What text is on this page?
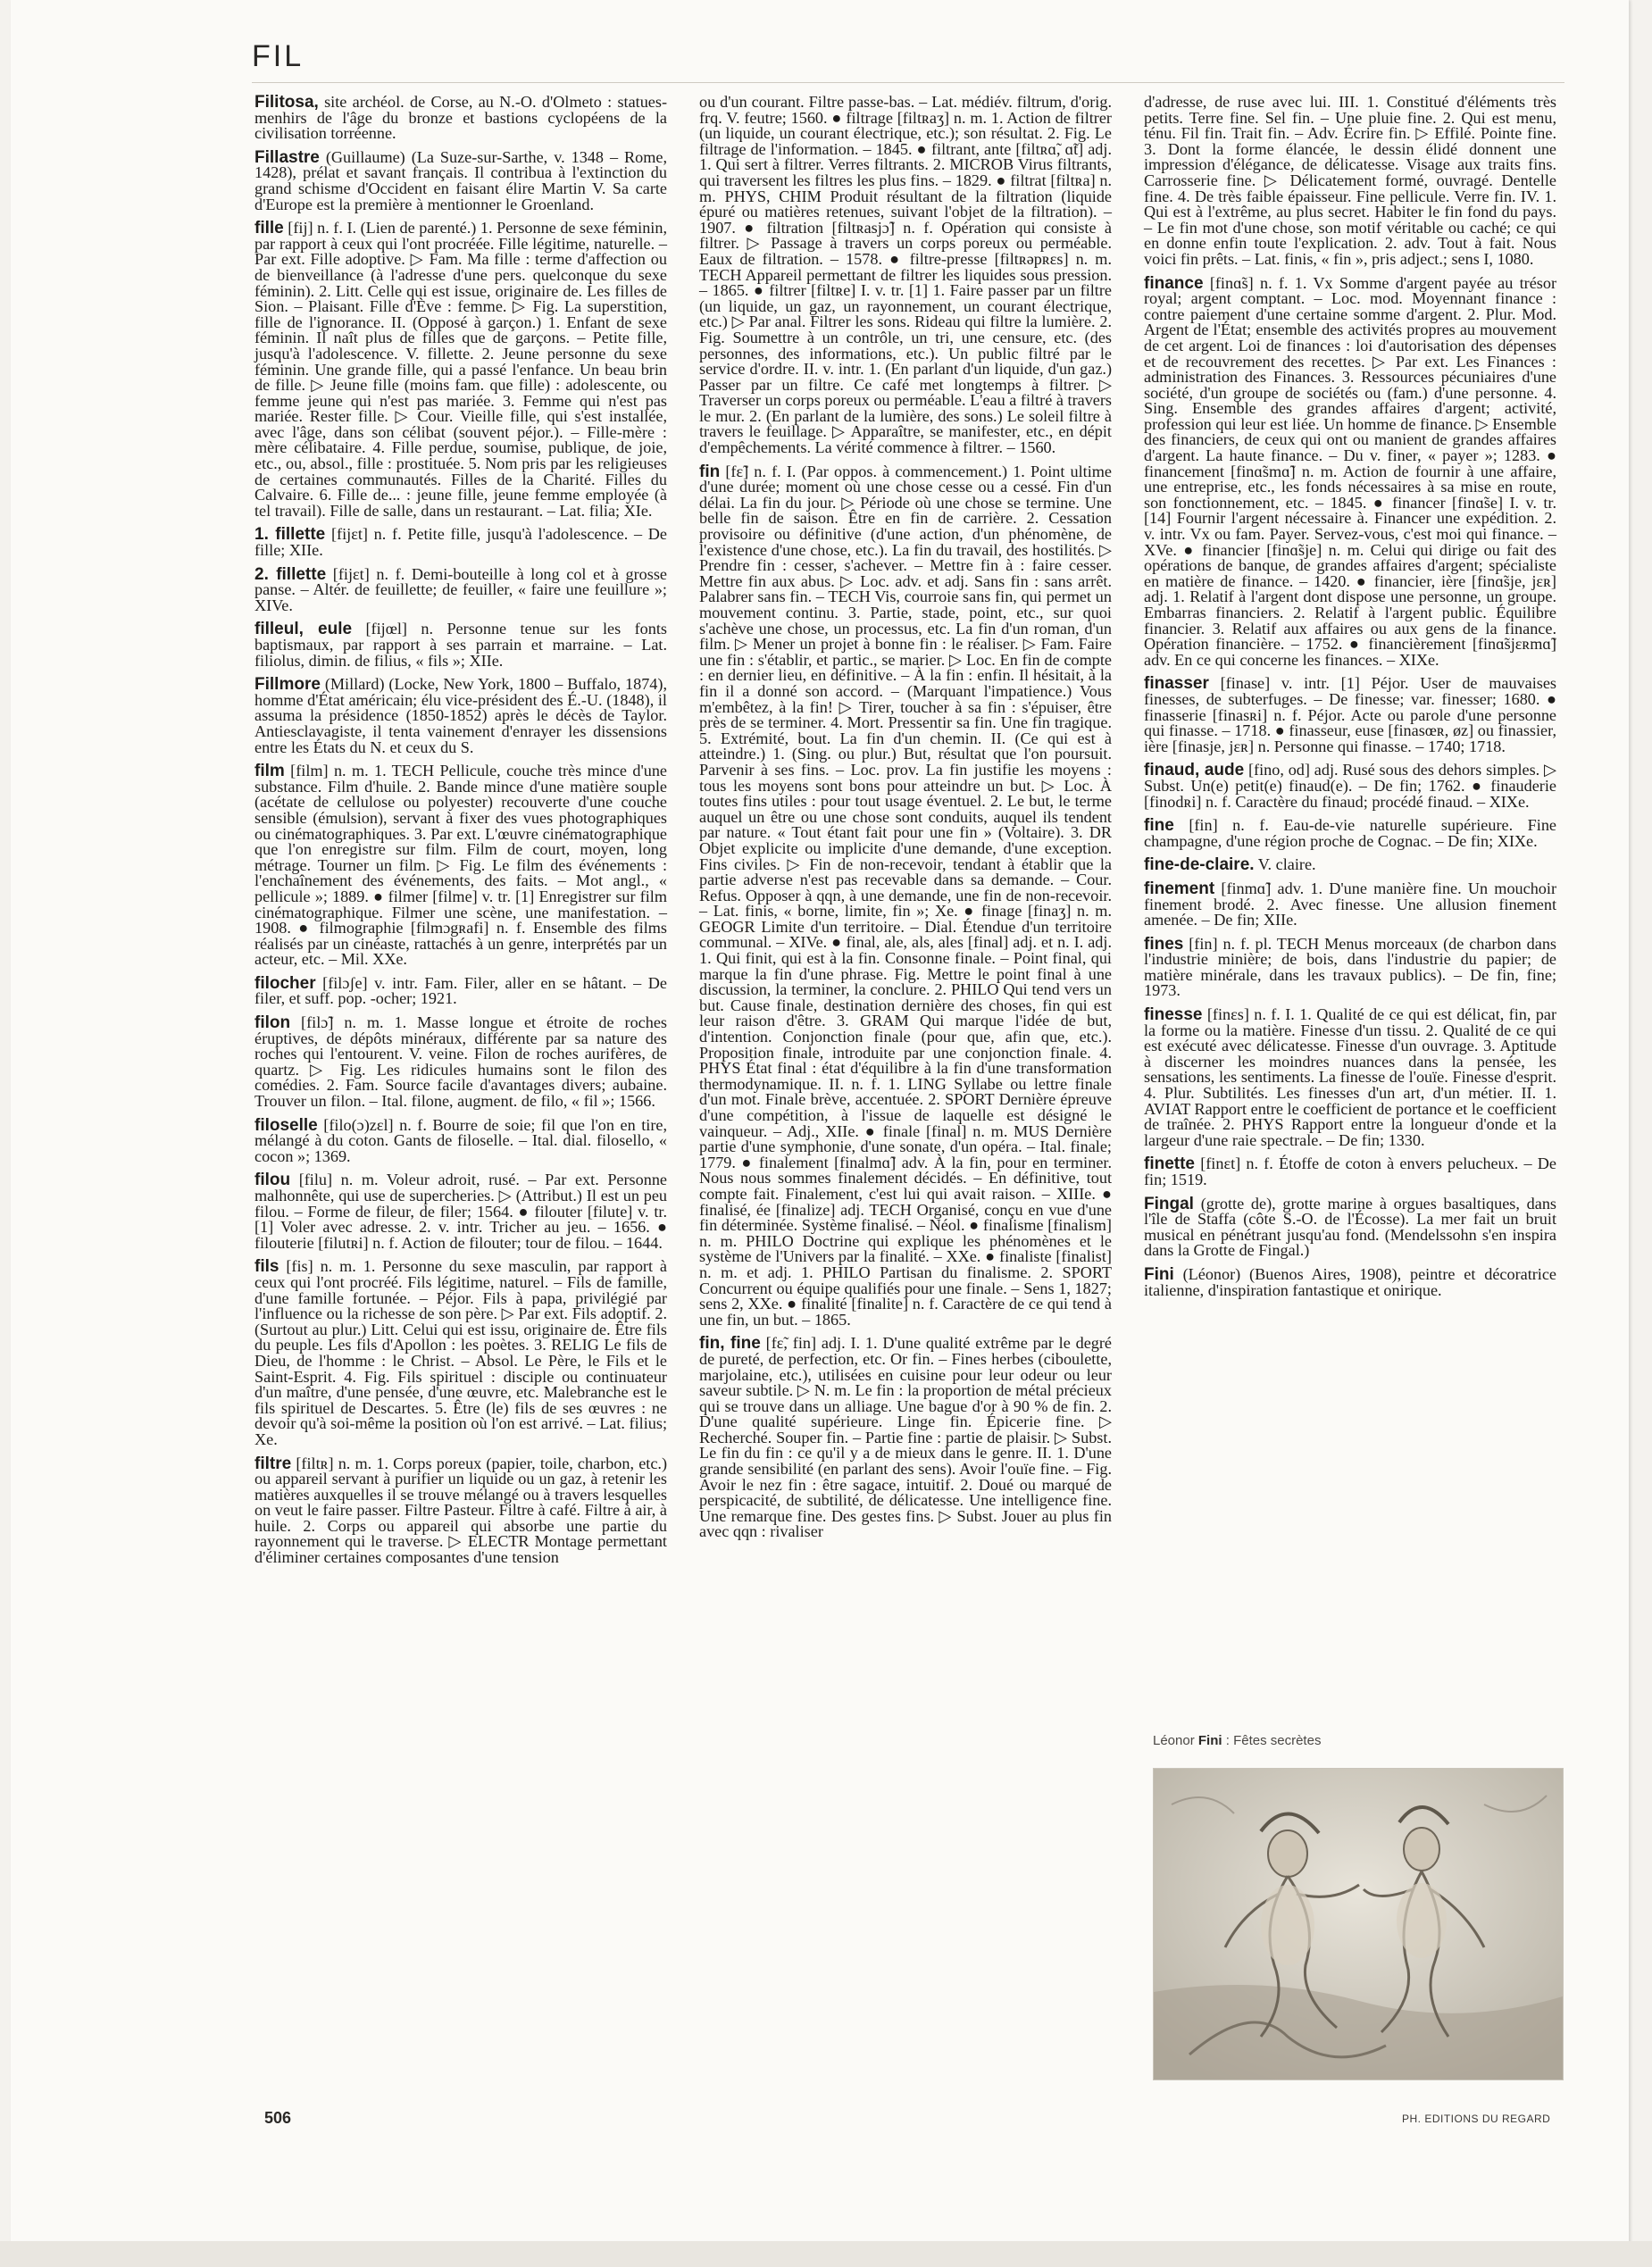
FIL

Filitosa, site archéol. de Corse, au N.-O. d'Olmeto : statues-menhirs de l'âge du bronze et bastions cyclopéens de la civilisation torréenne.

Fillastre (Guillaume) (La Suze-sur-Sarthe, v. 1348 – Rome, 1428), prélat et savant français. Il contribua à l'extinction du grand schisme d'Occident en faisant élire Martin V. Sa carte d'Europe est la première à mentionner le Groenland.

fille [fij] n. f. I. (Lien de parenté.) 1. Personne de sexe féminin, par rapport à ceux qui l'ont procréée. Fille légitime, naturelle. – Par ext. Fille adoptive. ▷ Fam. Ma fille : terme d'affection ou de bienveillance (à l'adresse d'une pers. quelconque du sexe féminin). 2. Litt. Celle qui est issue, originaire de. Les filles de Sion. – Plaisant. Fille d'Ève : femme. ▷ Fig. La superstition, fille de l'ignorance. II. (Opposé à garçon.) 1. Enfant de sexe féminin. Il naît plus de filles que de garçons. – Petite fille, jusqu'à l'adolescence. V. fillette. 2. Jeune personne du sexe féminin. Une grande fille, qui a passé l'enfance. Un beau brin de fille. ▷ Jeune fille (moins fam. que fille) : adolescente, ou femme jeune qui n'est pas mariée. 3. Femme qui n'est pas mariée. Rester fille. ▷ Cour. Vieille fille, qui s'est installée, avec l'âge, dans son célibat (souvent péjor.). – Fille-mère : mère célibataire. 4. Fille perdue, soumise, publique, de joie, etc., ou, absol., fille : prostituée. 5. Nom pris par les religieuses de certaines communautés. Filles de la Charité. Filles du Calvaire. 6. Fille de... : jeune fille, jeune femme employée (à tel travail). Fille de salle, dans un restaurant. – Lat. filia; XIe.

1. fillette [fijɛt] n. f. Petite fille, jusqu'à l'adolescence. – De fille; XIIe.

2. fillette [fijɛt] n. f. Demi-bouteille à long col et à grosse panse. – Altér. de feuillette; de feuiller, « faire une feuillure »; XIVe.

filleul, eule [fijœl] n. Personne tenue sur les fonts baptismaux, par rapport à ses parrain et marraine. – Lat. filiolus, dimin. de filius, « fils »; XIIe.

Fillmore (Millard) (Locke, New York, 1800 – Buffalo, 1874), homme d'État américain; élu vice-président des É.-U. (1848), il assuma la présidence (1850-1852) après le décès de Taylor. Antiesclavagiste, il tenta vainement d'enrayer les dissensions entre les États du N. et ceux du S.

film [film] n. m. 1. TECH Pellicule, couche très mince d'une substance. Film d'huile. 2. Bande mince d'une matière souple (acétate de cellulose ou polyester) recouverte d'une couche sensible (émulsion), servant à fixer des vues photographiques ou cinématographiques. 3. Par ext. L'œuvre cinématographique que l'on enregistre sur film. Film de court, moyen, long métrage. Tourner un film. ▷ Fig. Le film des événements : l'enchaînement des événements, des faits. – Mot angl., « pellicule »; 1889. ● filmer [filme] v. tr. [1] Enregistrer sur film cinématographique. Filmer une scène, une manifestation. – 1908. ● filmographie [filmɔgʀafi] n. f. Ensemble des films réalisés par un cinéaste, rattachés à un genre, interprétés par un acteur, etc. – Mil. XXe.

filocher [filɔʃe] v. intr. Fam. Filer, aller en se hâtant. – De filer, et suff. pop. -ocher; 1921.

filon [filɔ̃] n. m. 1. Masse longue et étroite de roches éruptives, de dépôts minéraux, différente par sa nature des roches qui l'entourent. V. veine. Filon de roches aurifères, de quartz. ▷ Fig. Les ridicules humains sont le filon des comédies. 2. Fam. Source facile d'avantages divers; aubaine. Trouver un filon. – Ital. filone, augment. de filo, « fil »; 1566.

filoselle [filo(ɔ)zɛl] n. f. Bourre de soie; fil que l'on en tire, mélangé à du coton. Gants de filoselle. – Ital. dial. filosello, « cocon »; 1369.

filou [filu] n. m. Voleur adroit, rusé. – Par ext. Personne malhonnête, qui use de supercheries. ▷ (Attribut.) Il est un peu filou. – Forme de fileur, de filer; 1564. ● filouter [filute] v. tr. [1] Voler avec adresse. 2. v. intr. Tricher au jeu. – 1656. ● filouterie [filutʀi] n. f. Action de filouter; tour de filou. – 1644.

fils [fis] n. m. 1. Personne du sexe masculin, par rapport à ceux qui l'ont procréé. Fils légitime, naturel. – Fils de famille, d'une famille fortunée. – Péjor. Fils à papa, privilégié par l'influence ou la richesse de son père. ▷ Par ext. Fils adoptif. 2. (Surtout au plur.) Litt. Celui qui est issu, originaire de. Être fils du peuple. Les fils d'Apollon : les poètes. 3. RELIG Le fils de Dieu, de l'homme : le Christ. – Absol. Le Père, le Fils et le Saint-Esprit. 4. Fig. Fils spirituel : disciple ou continuateur d'un maître, d'une pensée, d'une œuvre, etc. Malebranche est le fils spirituel de Descartes. 5. Être (le) fils de ses œuvres : ne devoir qu'à soi-même la position où l'on est arrivé. – Lat. filius; Xe.

filtre [filtʀ] n. m. 1. Corps poreux (papier, toile, charbon, etc.) ou appareil servant à purifier un liquide ou un gaz, à retenir les matières auxquelles il se trouve mélangé ou à travers lesquelles on veut le faire passer. Filtre Pasteur. Filtre à café. Filtre à air, à huile. 2. Corps ou appareil qui absorbe une partie du rayonnement qui le traverse. ▷ ELECTR Montage permettant d'éliminer certaines composantes d'une tension

ou d'un courant. Filtre passe-bas. – Lat. médiév. filtrum, d'orig. frq. V. feutre; 1560. ● filtrage [filtʀaʒ] n. m. 1. Action de filtrer (un liquide, un courant électrique, etc.); son résultat. 2. Fig. Le filtrage de l'information. – 1845. ● filtrant, ante [filtʀɑ̃, ɑ̃t] adj. 1. Qui sert à filtrer. Verres filtrants. 2. MICROB Virus filtrants, qui traversent les filtres les plus fins. – 1829. ● filtrat [filtʀa] n. m. PHYS, CHIM Produit résultant de la filtration (liquide épuré ou matières retenues, suivant l'objet de la filtration). – 1907. ● filtration [filtʀasjɔ̃] n. f. Opération qui consiste à filtrer. ▷ Passage à travers un corps poreux ou perméable. Eaux de filtration. – 1578. ● filtre-presse [filtʀəpʀɛs] n. m. TECH Appareil permettant de filtrer les liquides sous pression. – 1865. ● filtrer [filtʀe] I. v. tr. [1] 1. Faire passer par un filtre (un liquide, un gaz, un rayonnement, un courant électrique, etc.) ▷ Par anal. Filtrer les sons. Rideau qui filtre la lumière. 2. Fig. Soumettre à un contrôle, un tri, une censure, etc. (des personnes, des informations, etc.). Un public filtré par le service d'ordre. II. v. intr. 1. (En parlant d'un liquide, d'un gaz.) Passer par un filtre. Ce café met longtemps à filtrer. ▷ Traverser un corps poreux ou perméable. L'eau a filtré à travers le mur. 2. (En parlant de la lumière, des sons.) Le soleil filtre à travers le feuillage. ▷ Apparaître, se manifester, etc., en dépit d'empêchements. La vérité commence à filtrer. – 1560.

fin [fɛ̃] n. f. I. (Par oppos. à commencement.) 1. Point ultime d'une durée; moment où une chose cesse ou a cessé. Fin d'un délai. La fin du jour. ▷ Période où une chose se termine. Une belle fin de saison. Être en fin de carrière. 2. Cessation provisoire ou définitive (d'une action, d'un phénomène, de l'existence d'une chose, etc.). La fin du travail, des hostilités. ▷ Prendre fin : cesser, s'achever. – Mettre fin à : faire cesser. Mettre fin aux abus. ▷ Loc. adv. et adj. Sans fin : sans arrêt. Palabrer sans fin. – TECH Vis, courroie sans fin, qui permet un mouvement continu. 3. Partie, stade, point, etc., sur quoi s'achève une chose, un processus, etc. La fin d'un roman, d'un film. ▷ Mener un projet à bonne fin : le réaliser. ▷ Fam. Faire une fin : s'établir, et partic., se marier. ▷ Loc. En fin de compte : en dernier lieu, en définitive. – À la fin : enfin. Il hésitait, à la fin il a donné son accord. – (Marquant l'impatience.) Vous m'embêtez, à la fin! ▷ Tirer, toucher à sa fin : s'épuiser, être près de se terminer. 4. Mort. Pressentir sa fin. Une fin tragique. 5. Extrémité, bout. La fin d'un chemin. II. (Ce qui est à atteindre.) 1. (Sing. ou plur.) But, résultat que l'on poursuit. Parvenir à ses fins. – Loc. prov. La fin justifie les moyens : tous les moyens sont bons pour atteindre un but. ▷ Loc. À toutes fins utiles : pour tout usage éventuel. 2. Le but, le terme auquel un être ou une chose sont conduits, auquel ils tendent par nature. « Tout étant fait pour une fin » (Voltaire). 3. DR Objet explicite ou implicite d'une demande, d'une exception. Fins civiles. ▷ Fin de non-recevoir, tendant à établir que la partie adverse n'est pas recevable dans sa demande. – Cour. Refus. Opposer à qqn, à une demande, une fin de non-recevoir. – Lat. finis, « borne, limite, fin »; Xe. ● finage [finaʒ] n. m. GEOGR Limite d'un territoire. – Dial. Étendue d'un territoire communal. – XIVe. ● final, ale, als, ales [final] adj. et n. I. adj. 1. Qui finit, qui est à la fin. Consonne finale. – Point final, qui marque la fin d'une phrase. Fig. Mettre le point final à une discussion, la terminer, la conclure. 2. PHILO Qui tend vers un but. Cause finale, destination dernière des choses, fin qui est leur raison d'être. 3. GRAM Qui marque l'idée de but, d'intention. Conjonction finale (pour que, afin que, etc.). Proposition finale, introduite par une conjonction finale. 4. PHYS État final : état d'équilibre à la fin d'une transformation thermodynamique. II. n. f. 1. LING Syllabe ou lettre finale d'un mot. Finale brève, accentuée. 2. SPORT Dernière épreuve d'une compétition, à l'issue de laquelle est désigné le vainqueur. – Adj., XIIe. ● finale [final] n. m. MUS Dernière partie d'une symphonie, d'une sonate, d'un opéra. – Ital. finale; 1779. ● finalement [finalmɑ̃] adv. À la fin, pour en terminer. Nous nous sommes finalement décidés. – En définitive, tout compte fait. Finalement, c'est lui qui avait raison. – XIIIe. ● finalisé, ée [finalize] adj. TECH Organisé, conçu en vue d'une fin déterminée. Système finalisé. – Néol. ● finalisme [finalism] n. m. PHILO Doctrine qui explique les phénomènes et le système de l'Univers par la finalité. – XXe. ● finaliste [finalist] n. m. et adj. 1. PHILO Partisan du finalisme. 2. SPORT Concurrent ou équipe qualifiés pour une finale. – Sens 1, 1827; sens 2, XXe. ● finalité [finalite] n. f. Caractère de ce qui tend à une fin, un but. – 1865.

fin, fine [fɛ̃, fin] adj. I. 1. D'une qualité extrême par le degré de pureté, de perfection, etc. Or fin. – Fines herbes (ciboulette, marjolaine, etc.), utilisées en cuisine pour leur odeur ou leur saveur subtile. ▷ N. m. Le fin : la proportion de métal précieux qui se trouve dans un alliage. Une bague d'or à 90 % de fin. 2. D'une qualité supérieure. Linge fin. Épicerie fine. ▷ Recherché. Souper fin. – Partie fine : partie de plaisir. ▷ Subst. Le fin du fin : ce qu'il y a de mieux dans le genre. II. 1. D'une grande sensibilité (en parlant des sens). Avoir l'ouïe fine. – Fig. Avoir le nez fin : être sagace, intuitif. 2. Doué ou marqué de perspicacité, de subtilité, de délicatesse. Une intelligence fine. Une remarque fine. Des gestes fins. ▷ Subst. Jouer au plus fin avec qqn : rivaliser

d'adresse, de ruse avec lui. III. 1. Constitué d'éléments très petits. Terre fine. Sel fin. – Une pluie fine. 2. Qui est menu, ténu. Fil fin. Trait fin. – Adv. Écrire fin. ▷ Effilé. Pointe fine. 3. Dont la forme élancée, le dessin élidé donnent une impression d'élégance, de délicatesse. Visage aux traits fins. Carrosserie fine. ▷ Délicatement formé, ouvragé. Dentelle fine. 4. De très faible épaisseur. Fine pellicule. Verre fin. IV. 1. Qui est à l'extrême, au plus secret. Habiter le fin fond du pays. – Le fin mot d'une chose, son motif véritable ou caché; ce qui en donne enfin toute l'explication. 2. adv. Tout à fait. Nous voici fin prêts. – Lat. finis, « fin », pris adject.; sens I, 1080.

finance [finɑ̃s] n. f. 1. Vx Somme d'argent payée au trésor royal; argent comptant. – Loc. mod. Moyennant finance : contre paiement d'une certaine somme d'argent. 2. Plur. Mod. Argent de l'État; ensemble des activités propres au mouvement de cet argent. Loi de finances : loi d'autorisation des dépenses et de recouvrement des recettes. ▷ Par ext. Les Finances : administration des Finances. 3. Ressources pécuniaires d'une société, d'un groupe de sociétés ou (fam.) d'une personne. 4. Sing. Ensemble des grandes affaires d'argent; activité, profession qui leur est liée. Un homme de finance. ▷ Ensemble des financiers, de ceux qui ont ou manient de grandes affaires d'argent. La haute finance. – Du v. finer, « payer »; 1283. ● financement [finɑ̃smɑ̃] n. m. Action de fournir à une affaire, une entreprise, etc., les fonds nécessaires à sa mise en route, son fonctionnement, etc. – 1845. ● financer [finɑ̃se] I. v. tr. [14] Fournir l'argent nécessaire à. Financer une expédition. 2. v. intr. Vx ou fam. Payer. Servez-vous, c'est moi qui finance. – XVe. ● financier [finɑ̃sje] n. m. Celui qui dirige ou fait des opérations de banque, de grandes affaires d'argent; spécialiste en matière de finance. – 1420. ● financier, ière [finɑ̃sje, jɛʀ] adj. 1. Relatif à l'argent dont dispose une personne, un groupe. Embarras financiers. 2. Relatif à l'argent public. Équilibre financier. 3. Relatif aux affaires ou aux gens de la finance. Opération financière. – 1752. ● financièrement [finɑ̃sjɛʀmɑ̃] adv. En ce qui concerne les finances. – XIXe.

finasser [finase] v. intr. [1] Péjor. User de mauvaises finesses, de subterfuges. – De finesse; var. finesser; 1680. ● finasserie [finasʀi] n. f. Péjor. Acte ou parole d'une personne qui finasse. – 1718. ● finasseur, euse [finasœʀ, øz] ou finassier, ière [finasje, jɛʀ] n. Personne qui finasse. – 1740; 1718.

finaud, aude [fino, od] adj. Rusé sous des dehors simples. ▷ Subst. Un(e) petit(e) finaud(e). – De fin; 1762. ● finauderie [finodʀi] n. f. Caractère du finaud; procédé finaud. – XIXe.

fine [fin] n. f. Eau-de-vie naturelle supérieure. Fine champagne, d'une région proche de Cognac. – De fin; XIXe.

fine-de-claire. V. claire.

finement [finmɑ̃] adv. 1. D'une manière fine. Un mouchoir finement brodé. 2. Avec finesse. Une allusion finement amenée. – De fin; XIIe.

fines [fin] n. f. pl. TECH Menus morceaux (de charbon dans l'industrie minière; de bois, dans l'industrie du papier; de matière minérale, dans les travaux publics). – De fin, fine; 1973.

finesse [finɛs] n. f. I. 1. Qualité de ce qui est délicat, fin, par la forme ou la matière. Finesse d'un tissu. 2. Qualité de ce qui est exécuté avec délicatesse. Finesse d'un ouvrage. 3. Aptitude à discerner les moindres nuances dans la pensée, les sensations, les sentiments. La finesse de l'ouïe. Finesse d'esprit. 4. Plur. Subtilités. Les finesses d'un art, d'un métier. II. 1. AVIAT Rapport entre le coefficient de portance et le coefficient de traînée. 2. PHYS Rapport entre la longueur d'onde et la largeur d'une raie spectrale. – De fin; 1330.

finette [finɛt] n. f. Étoffe de coton à envers pelucheux. – De fin; 1519.

Fingal (grotte de), grotte marine à orgues basaltiques, dans l'île de Staffa (côte S.-O. de l'Écosse). La mer fait un bruit musical en pénétrant jusqu'au fond. (Mendelssohn s'en inspira dans la Grotte de Fingal.)

Fini (Léonor) (Buenos Aires, 1908), peintre et décoratrice italienne, d'inspiration fantastique et onirique.

Léonor Fini : Fêtes secrètes
506	PH. EDITIONS DU REGARD
